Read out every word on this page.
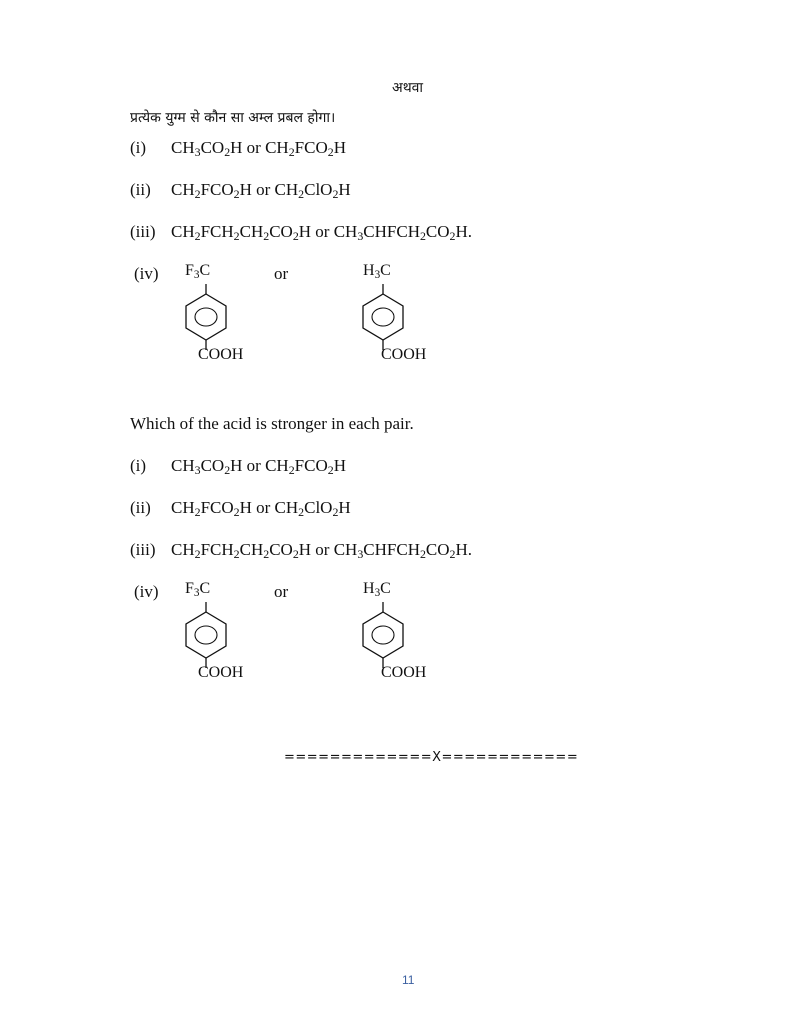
अथवा
प्रत्येक युग्म से कौन सा अम्ल प्रबल होगा।
(i)	$CH_3CO_2H$ or $CH_2FCO_2H$
(ii)	$CH_2FCO_2H$ or $CH_2ClO_2H$
(iii) $CH_2FCH_2CH_2CO_2H$ or $CH_3CHFCH_2CO_2H$.
(iv) $F_3C$
COOH
or	$H_3C$
COOH
Which of the acid is stronger in each pair.
(i)	$CH_3CO_2H$ or $CH_2FCO_2H$
(ii)	$CH_2FCO_2H$ or $CH_2ClO_2H$
(iii) $CH_2FCH_2CH_2CO_2H$ or $CH_3CHFCH_2CO_2H$.
(iv) $F_3C$
COOH
or	$H_3C$
COOH
=============X============
11
